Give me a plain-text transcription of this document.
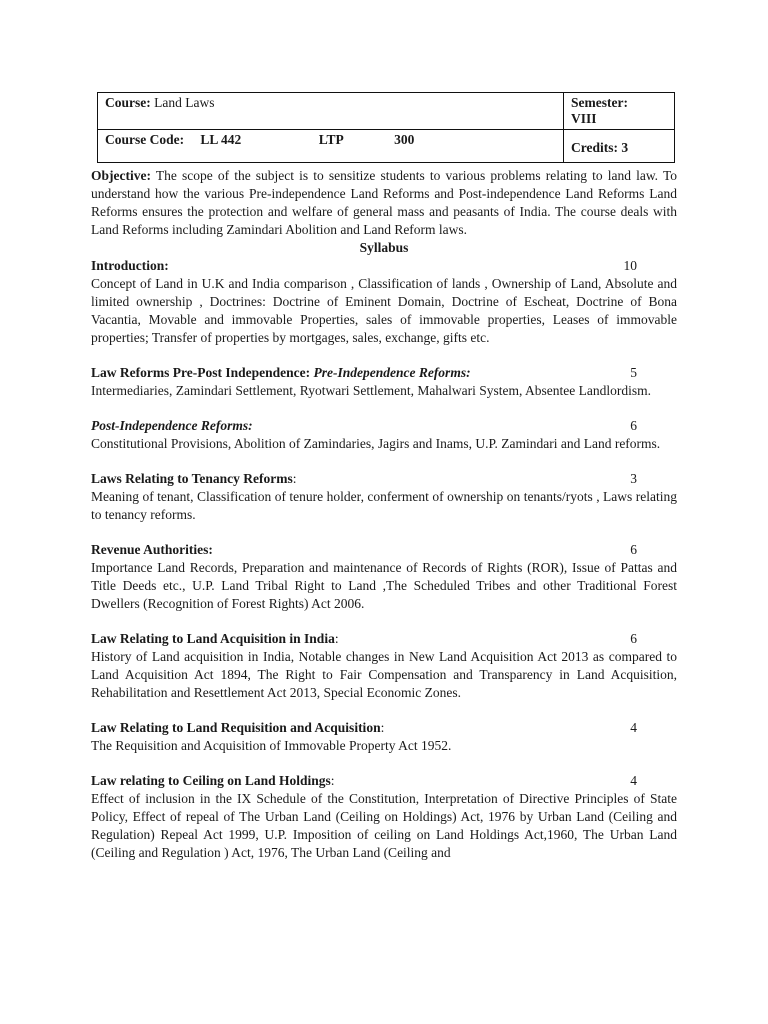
Course: Land Laws	Semester:
VIII

Course Code: LL 442 LTP 300	Credits: 3

Objective: The scope of the subject is to sensitize students to various problems relating to land law. To understand how the various Pre-independence Land Reforms and Post-independence Land Reforms Land Reforms ensures the protection and welfare of general mass and peasants of India. The course deals with Land Reforms including Zamindari Abolition and Land Reform laws.

Syllabus

Introduction:	10

Concept of Land in U.K and India comparison , Classification of lands , Ownership of Land, Absolute and limited ownership , Doctrines: Doctrine of Eminent Domain, Doctrine of Escheat, Doctrine of Bona Vacantia, Movable and immovable Properties, sales of immovable properties, Leases of immovable properties; Transfer of properties by mortgages, sales, exchange, gifts etc.

Law Reforms Pre-Post Independence: Pre-Independence Reforms:	5

Intermediaries, Zamindari Settlement, Ryotwari Settlement, Mahalwari System, Absentee Landlordism.

Post-Independence Reforms:	6

Constitutional Provisions, Abolition of Zamindaries, Jagirs and Inams, U.P. Zamindari and Land reforms.

Laws Relating to Tenancy Reforms:	3

Meaning of tenant, Classification of tenure holder, conferment of ownership on tenants/ryots , Laws relating to tenancy reforms.

Revenue Authorities:	6

Importance Land Records, Preparation and maintenance of Records of Rights (ROR), Issue of Pattas and Title Deeds etc., U.P. Land Tribal Right to Land ,The Scheduled Tribes and other Traditional Forest Dwellers (Recognition of Forest Rights) Act 2006.

Law Relating to Land Acquisition in India:	6

History of Land acquisition in India, Notable changes in New Land Acquisition Act 2013 as compared to Land Acquisition Act 1894, The Right to Fair Compensation and Transparency in Land Acquisition, Rehabilitation and Resettlement Act 2013, Special Economic Zones.

Law Relating to Land Requisition and Acquisition:	4

The Requisition and Acquisition of Immovable Property Act 1952.

Law relating to Ceiling on Land Holdings:	4

Effect of inclusion in the IX Schedule of the Constitution, Interpretation of Directive Principles of State Policy, Effect of repeal of The Urban Land (Ceiling on Holdings) Act, 1976 by Urban Land (Ceiling and Regulation) Repeal Act 1999, U.P. Imposition of ceiling on Land Holdings Act,1960, The Urban Land (Ceiling and Regulation ) Act, 1976, The Urban Land (Ceiling and
